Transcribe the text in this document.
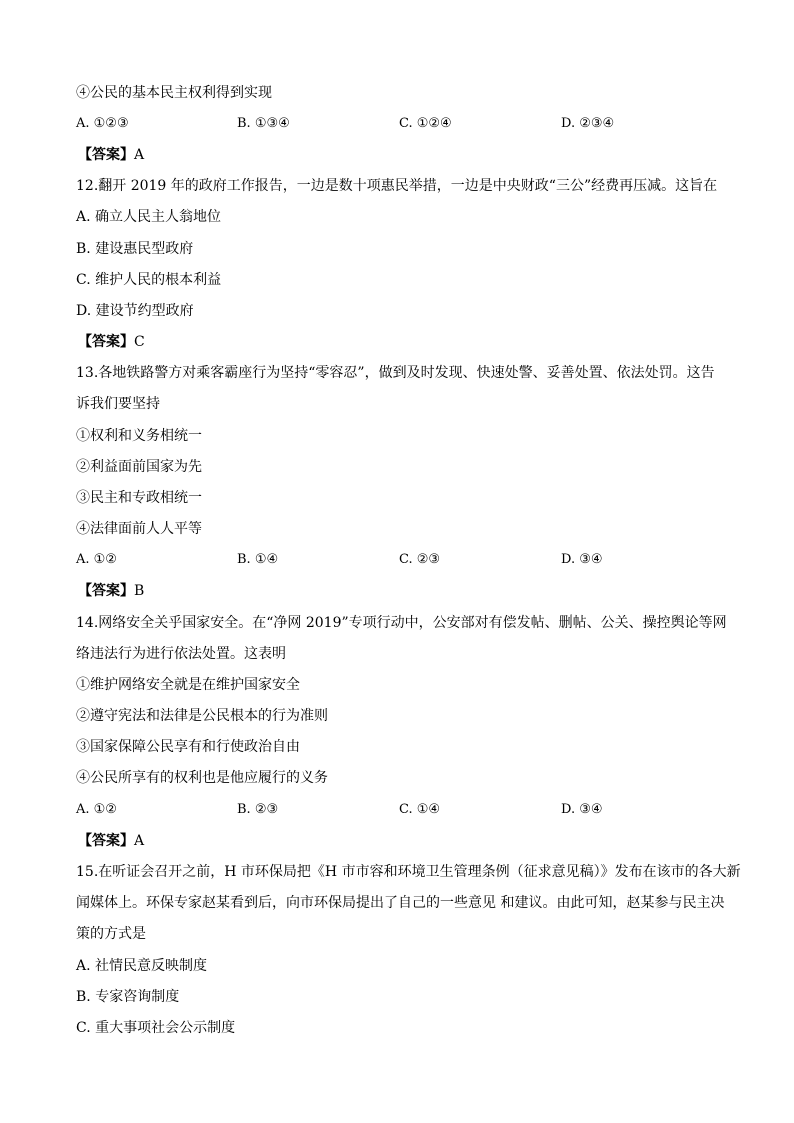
④公民的基本民主权利得到实现
A. ①②③	B. ①③④	C. ①②④	D. ②③④
【答案】A
12.翻开 2019 年的政府工作报告，一边是数十项惠民举措，一边是中央财政“三公”经费再压减。这旨在
A. 确立人民主人翁地位
B. 建设惠民型政府
C. 维护人民的根本利益
D. 建设节约型政府
【答案】C
13.各地铁路警方对乘客霸座行为坚持“零容忍”，做到及时发现、快速处警、妥善处置、依法处罚。这告
诉我们要坚持
①权利和义务相统一
②利益面前国家为先
③民主和专政相统一
④法律面前人人平等
A. ①②	B. ①④	C. ②③	D. ③④
【答案】B
14.网络安全关乎国家安全。在“净网 2019”专项行动中，公安部对有偿发帖、删帖、公关、操控舆论等网
络违法行为进行依法处置。这表明
①维护网络安全就是在维护国家安全
②遵守宪法和法律是公民根本的行为准则
③国家保障公民享有和行使政治自由
④公民所享有的权利也是他应履行的义务
A. ①②	B. ②③	C. ①④	D. ③④
【答案】A
15.在听证会召开之前，H 市环保局把《H 市市容和环境卫生管理条例（征求意见稿）》发布在该市的各大新
闻媒体上。环保专家赵某看到后，向市环保局提出了自己的一些意见 和建议。由此可知，赵某参与民主决
策的方式是
A. 社情民意反映制度
B. 专家咨询制度
C. 重大事项社会公示制度
